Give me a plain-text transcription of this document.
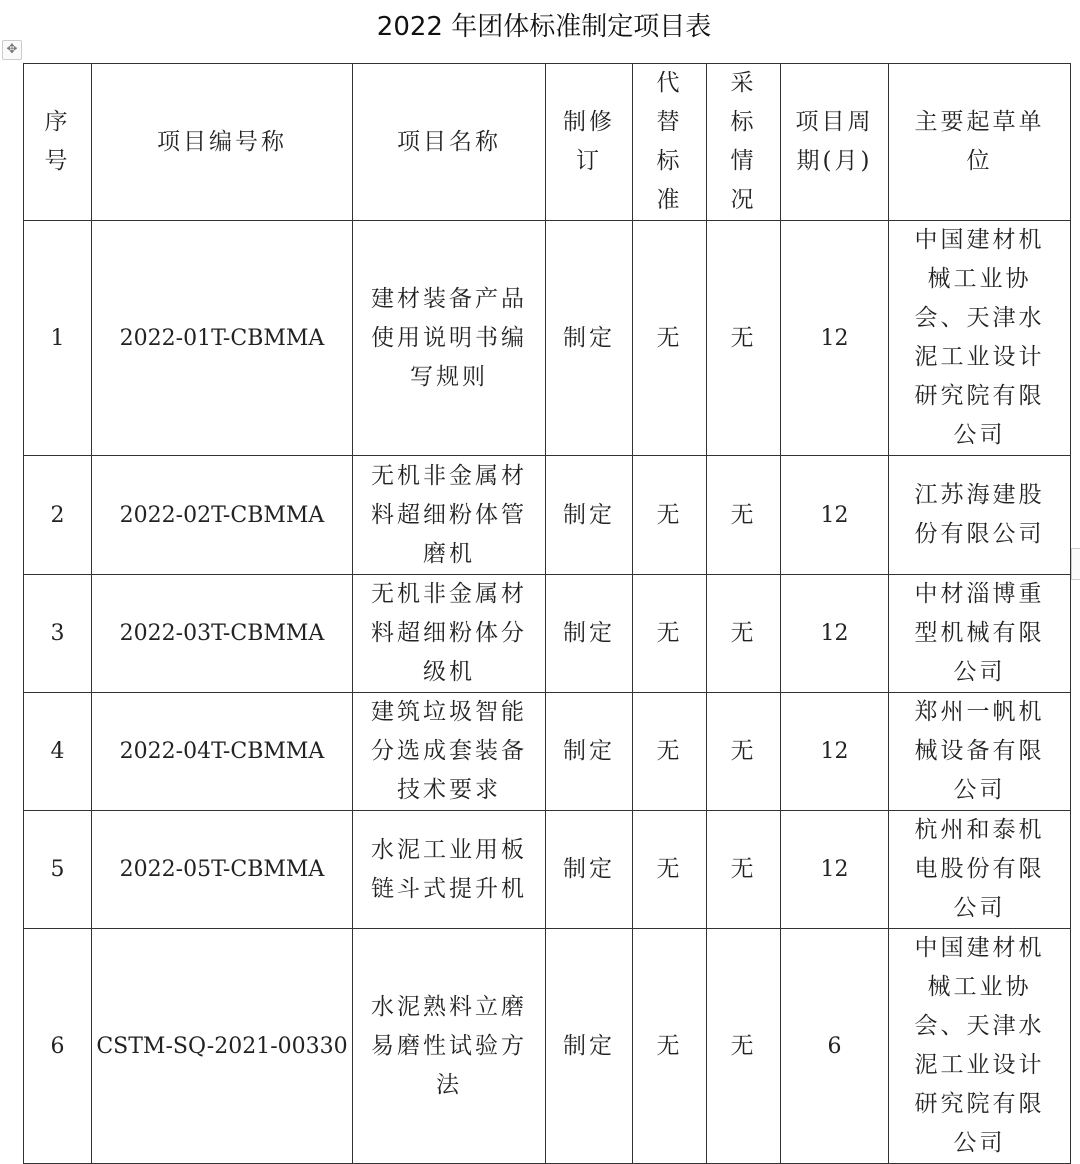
2022 年团体标准制定项目表
✥
序号	项目编号称	项目名称	制修订	代替标准	采标情况	项目周期(月)	主要起草单位
1	2022-01T-CBMMA	建材装备产品使用说明书编写规则	制定	无	无	12	中国建材机械工业协会、天津水泥工业设计研究院有限公司
2	2022-02T-CBMMA	无机非金属材料超细粉体管磨机	制定	无	无	12	江苏海建股份有限公司
3	2022-03T-CBMMA	无机非金属材料超细粉体分级机	制定	无	无	12	中材淄博重型机械有限公司
4	2022-04T-CBMMA	建筑垃圾智能分选成套装备技术要求	制定	无	无	12	郑州一帆机械设备有限公司
5	2022-05T-CBMMA	水泥工业用板链斗式提升机	制定	无	无	12	杭州和泰机电股份有限公司
6	CSTM-SQ-2021-00330	水泥熟料立磨易磨性试验方法	制定	无	无	6	中国建材机械工业协会、天津水泥工业设计研究院有限公司
